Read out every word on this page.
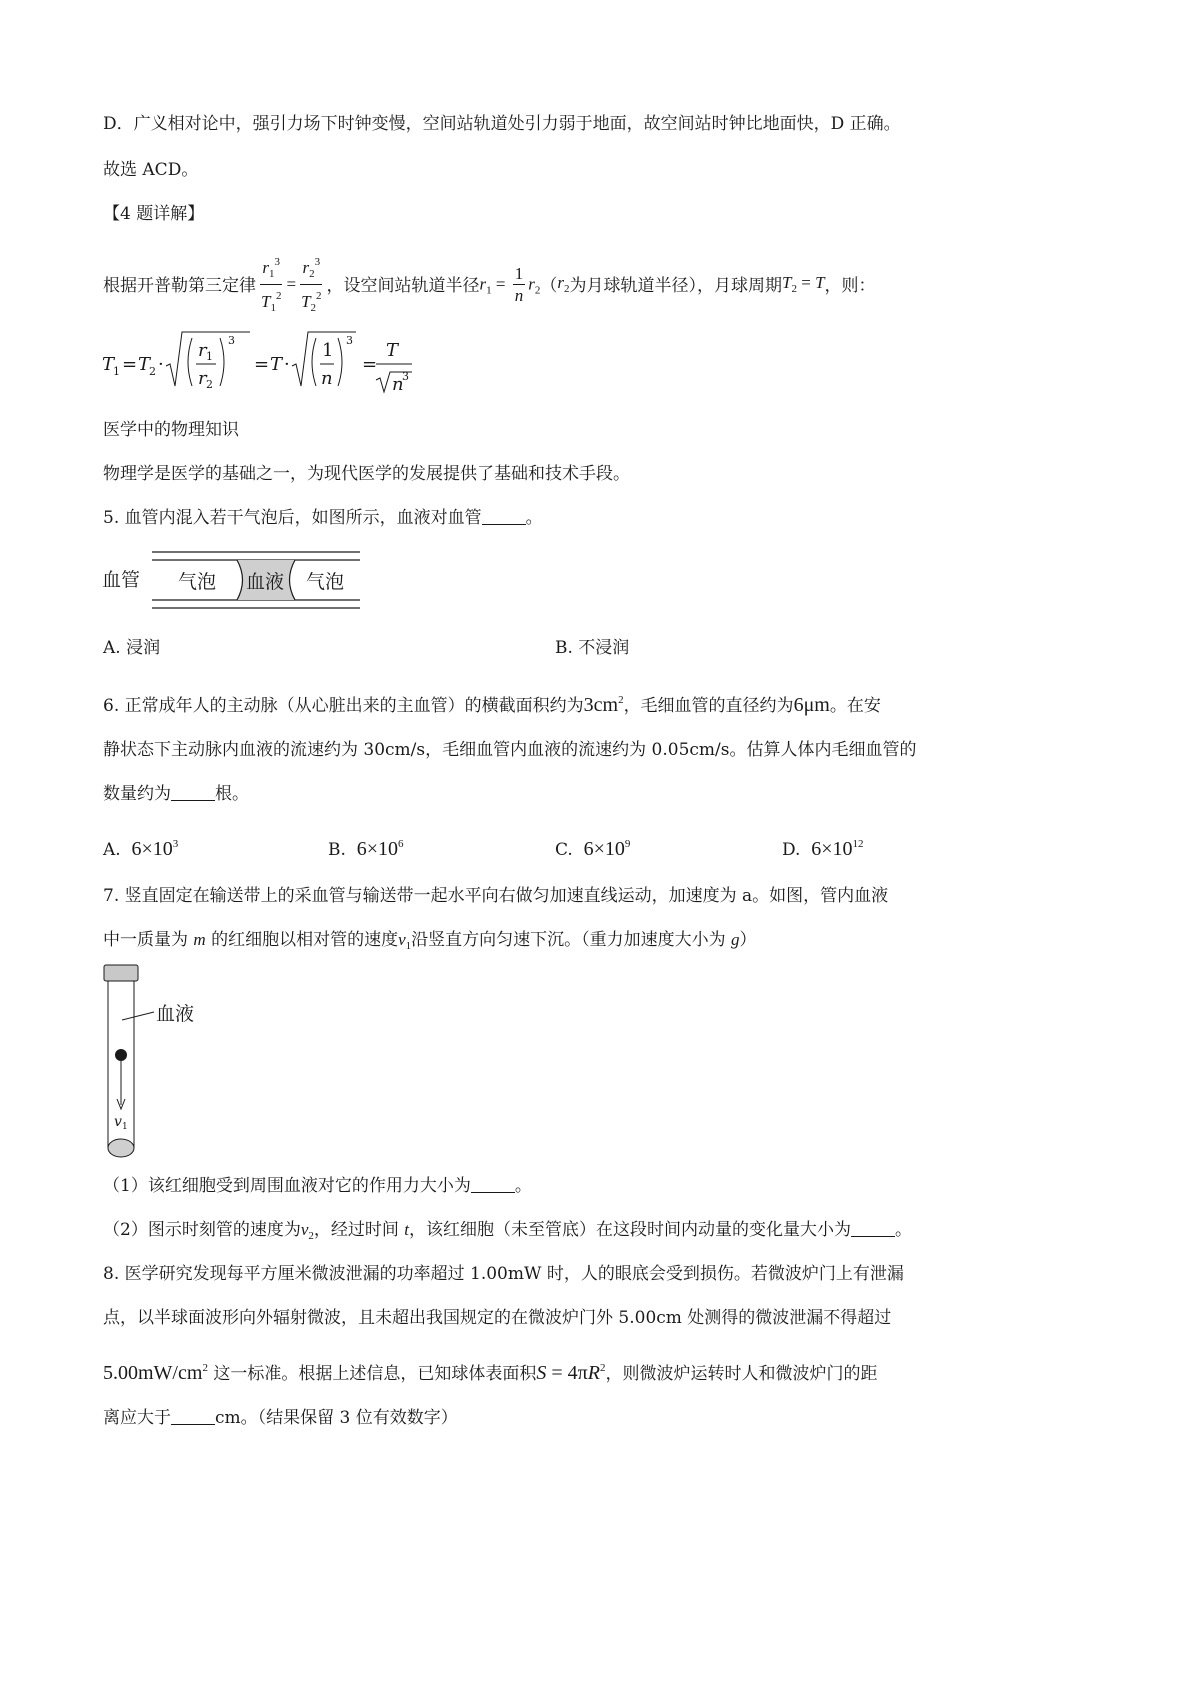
D．广义相对论中，强引力场下时钟变慢，空间站轨道处引力弱于地面，故空间站时钟比地面快，D 正确。
故选 ACD。
【4 题详解】
根据开普勒第三定律 $\frac{r_1^3}{T_1^2} = \frac{r_2^3}{T_2^2}$ ，设空间站轨道半径 $r_1 = \frac{1}{n} r_2$ （ $r_2$ 为月球轨道半径），月球周期 $T_2 = T$ ，则：
T
1 = T
2 ·
r 1
r 2
3
= T ·
1
n
3
=
T
n
3
医学中的物理知识
物理学是医学的基础之一，为现代医学的发展提供了基础和技术手段。
5. 血管内混入若干气泡后，如图所示，血液对血管	。
血管 气泡 血液 气泡
A. 浸润	B. 不浸润
6. 正常成年人的主动脉（从心脏出来的主血管）的横截面积约为$3cm^2$，毛细血管的直径约为6μm。在安
静状态下主动脉内血液的流速约为 30cm/s，毛细血管内血液的流速约为 0.05cm/s。估算人体内毛细血管的
数量约为	根。
A. $6\times 10^3$	B. $6\times 10^6$	C. $6\times 10^9$	D. $6\times 10^{12}$
7. 竖直固定在输送带上的采血管与输送带一起水平向右做匀加速直线运动，加速度为 a。如图，管内血液
中一质量为 m 的红细胞以相对管的速度$v_1$沿竖直方向匀速下沉。（重力加速度大小为 g）
血液
v 1
（1）该红细胞受到周围血液对它的作用力大小为	。
（2）图示时刻管的速度为$v_2$，经过时间 t，该红细胞（未至管底）在这段时间内动量的变化量大小为	。
8. 医学研究发现每平方厘米微波泄漏的功率超过 1.00mW 时，人的眼底会受到损伤。若微波炉门上有泄漏
点，以半球面波形向外辐射微波，且未超出我国规定的在微波炉门外 5.00cm 处测得的微波泄漏不得超过
$5.00mW/cm^2$ 这一标准。根据上述信息，已知球体表面积$S = 4\pi R^2$，则微波炉运转时人和微波炉门的距
离应大于	cm。（结果保留 3 位有效数字）
